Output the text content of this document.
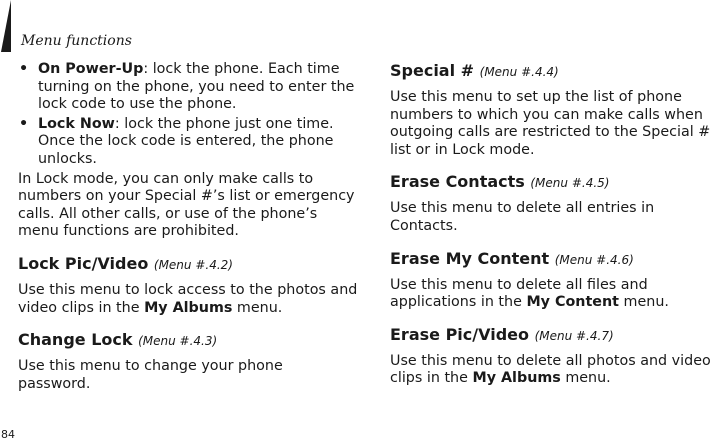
Menu functions
• On Power-Up: lock the phone. Each time turning on the phone, you need to enter the lock code to use the phone.
• Lock Now: lock the phone just one time. Once the lock code is entered, the phone unlocks.

In Lock mode, you can only make calls to numbers on your Special #’s list or emergency calls. All other calls, or use of the phone’s menu functions are prohibited.

Lock Pic/Video (Menu #.4.2)

Use this menu to lock access to the photos and video clips in the My Albums menu.

Change Lock (Menu #.4.3)

Use this menu to change your phone password.

Special # (Menu #.4.4)

Use this menu to set up the list of phone numbers to which you can make calls when outgoing calls are restricted to the Special # list or in Lock mode.

Erase Contacts (Menu #.4.5)

Use this menu to delete all entries in Contacts.

Erase My Content (Menu #.4.6)

Use this menu to delete all files and applications in the My Content menu.

Erase Pic/Video (Menu #.4.7)

Use this menu to delete all photos and video clips in the My Albums menu.

84
